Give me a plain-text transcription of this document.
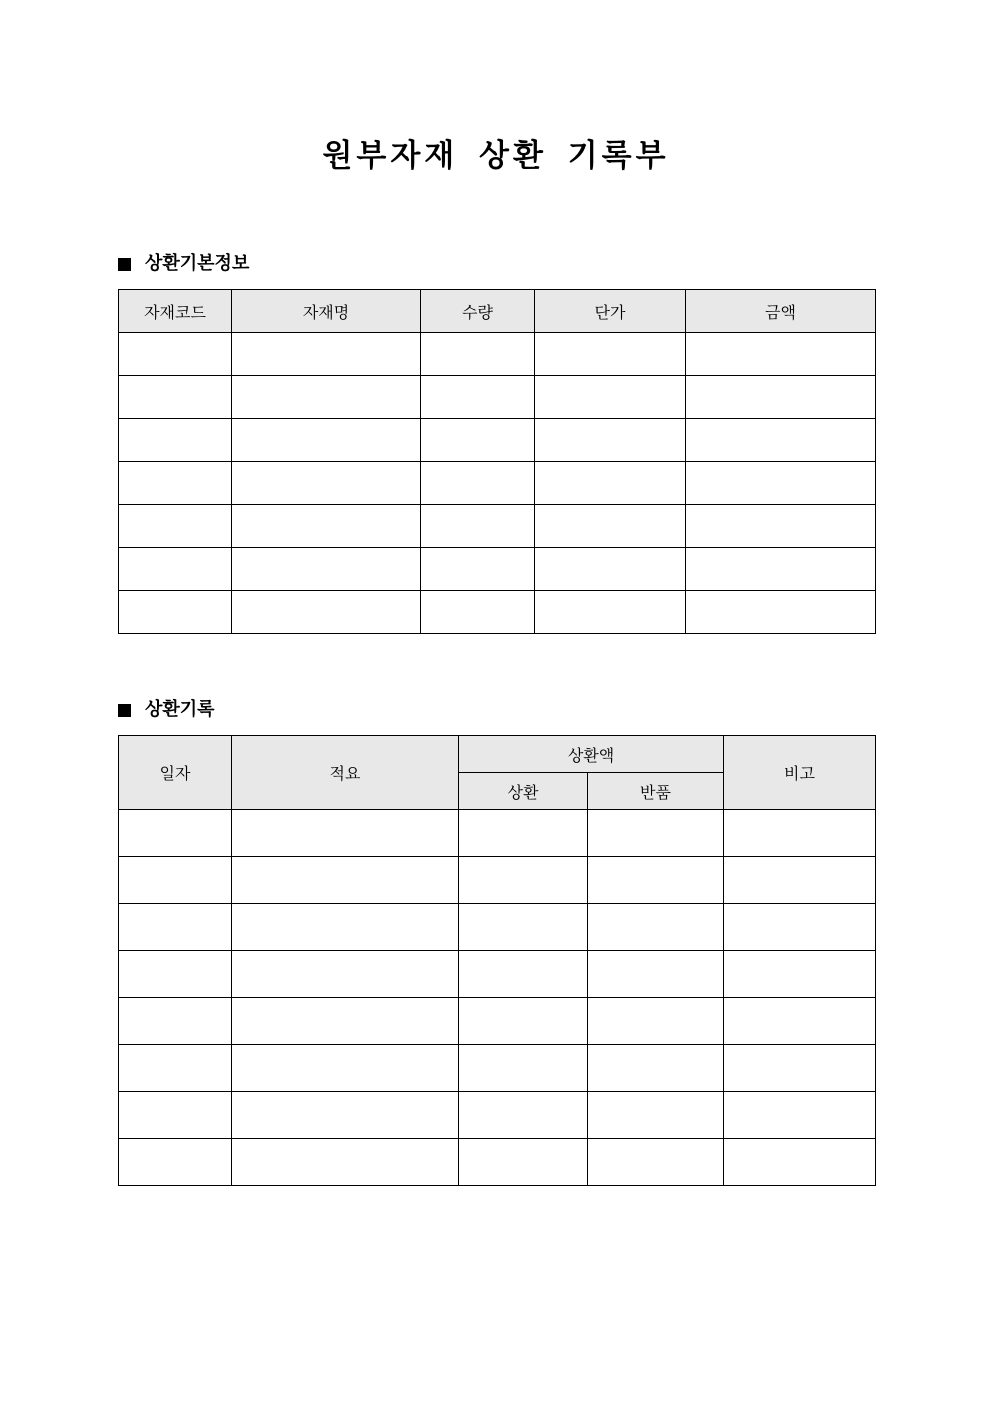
원부자재 상환 기록부
상환기본정보
자재코드	자재명	수량	단가	금액

상환기록
일자	적요	상환액		비고
		상환	반품	
